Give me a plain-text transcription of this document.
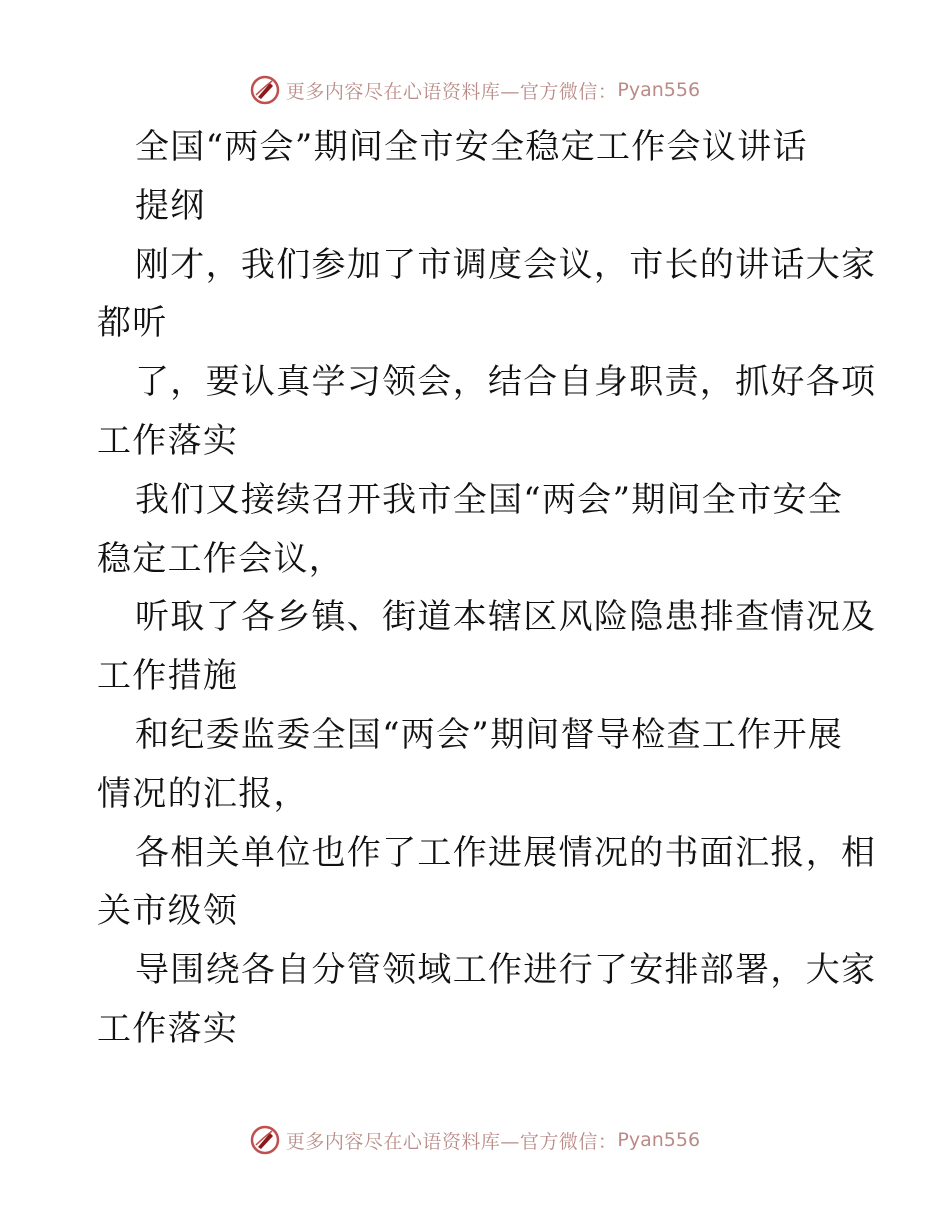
更多内容尽在心语资料库—官方微信： Pyan556
全国“两会”期间全市安全稳定工作会议讲话
提纲
刚才，我们参加了市调度会议，市长的讲话大家
都听
了，要认真学习领会，结合自身职责，抓好各项
工作落实
我们又接续召开我市全国“两会”期间全市安全
稳定工作会议，
听取了各乡镇、街道本辖区风险隐患排查情况及
工作措施
和纪委监委全国“两会”期间督导检查工作开展
情况的汇报，
各相关单位也作了工作进展情况的书面汇报，相
关市级领
导围绕各自分管领域工作进行了安排部署，大家
工作落实
更多内容尽在心语资料库—官方微信： Pyan556
